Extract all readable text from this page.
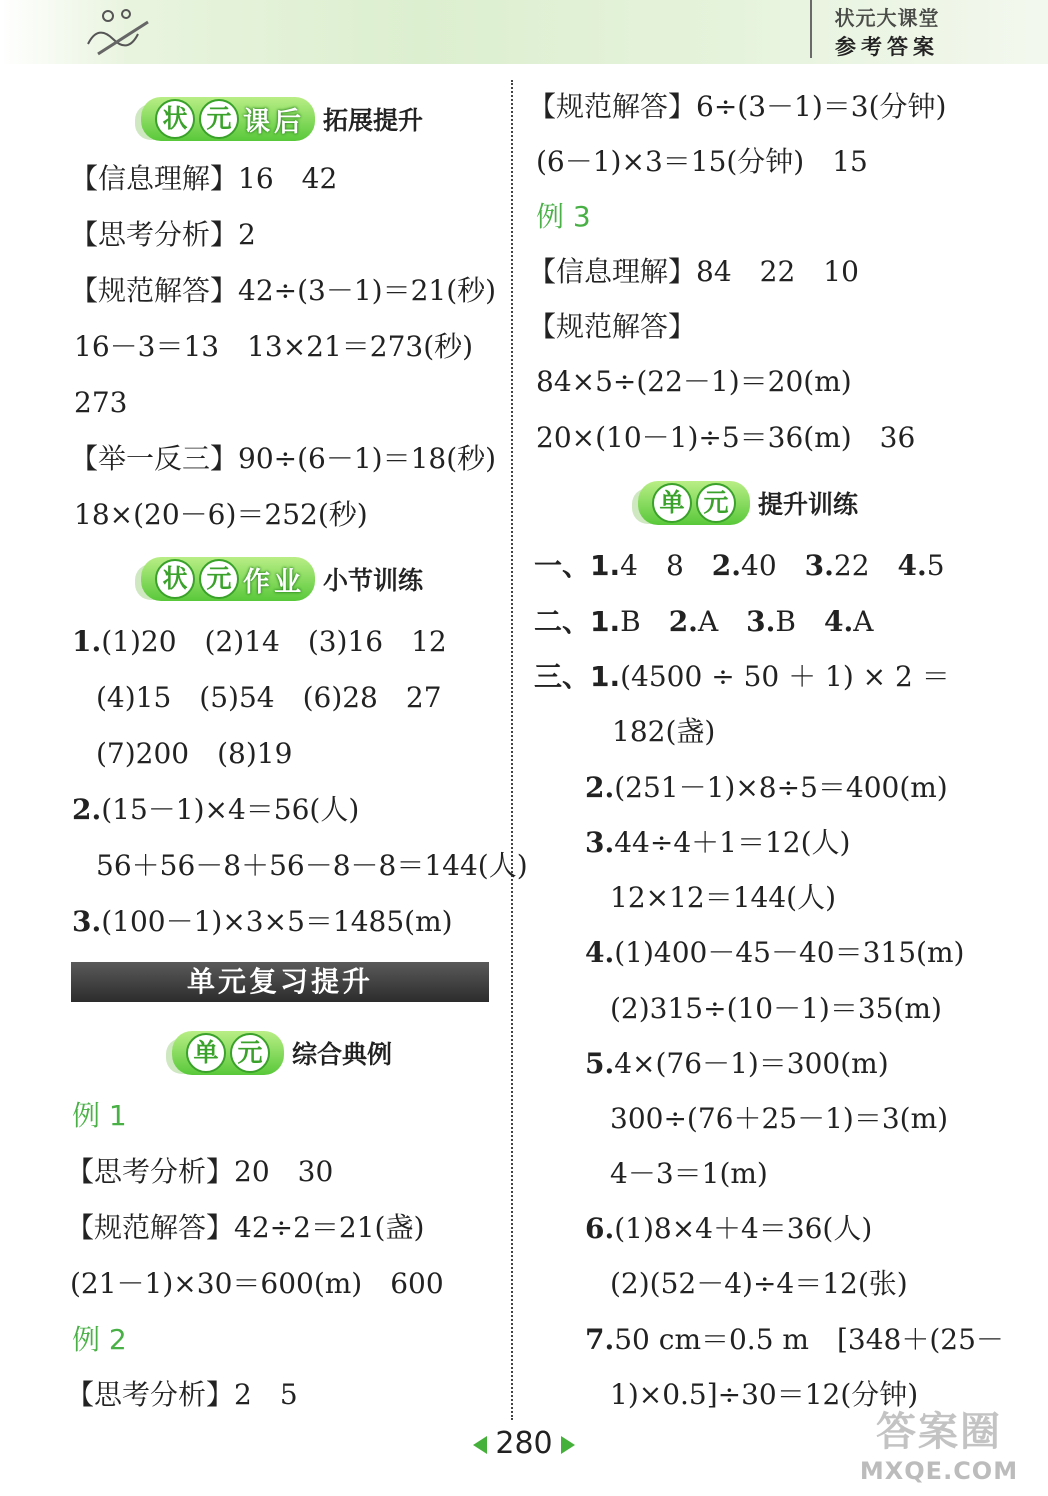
状元大课堂
参考答案
状 元 课 后 拓展提升
【信息理解】16　42
【思考分析】2
【规范解答】42÷(3－1)＝21(秒)
16－3＝13　13×21＝273(秒)
273
【举一反三】90÷(6－1)＝18(秒)
18×(20－6)＝252(秒)
状 元 作 业 小节训练
1.(1)20　(2)14　(3)16　12
(4)15　(5)54　(6)28　27
(7)200　(8)19
2.(15－1)×4＝56(人)
56＋56－8＋56－8－8＝144(人)
3.(100－1)×3×5＝1485(m)
单元复习提升
单 元	综合典例
例 1
【思考分析】20　30
【规范解答】42÷2＝21(盏)
(21－1)×30＝600(m)　600
例 2
【思考分析】2　5
【规范解答】6÷(3－1)＝3(分钟)
(6－1)×3＝15(分钟)　15
例 3
【信息理解】84　22　10
【规范解答】
84×5÷(22－1)＝20(m)
20×(10－1)÷5＝36(m)　36
单 元	提升训练
一、1.4　8　2.40　3.22　4.5
二、1.B　2.A　3.B　4.A
三、1.(4500 ÷ 50 ＋ 1) × 2 ＝
182(盏)
2.(251－1)×8÷5＝400(m)
3.44÷4＋1＝12(人)
12×12＝144(人)
4.(1)400－45－40＝315(m)
(2)315÷(10－1)＝35(m)
5.4×(76－1)＝300(m)
300÷(76＋25－1)＝3(m)
4－3＝1(m)
6.(1)8×4＋4＝36(人)
(2)(52－4)÷4＝12(张)
7.50 cm＝0.5 m　[348＋(25－
1)×0.5]÷30＝12(分钟)
280	答案圈
MXQE.COM
